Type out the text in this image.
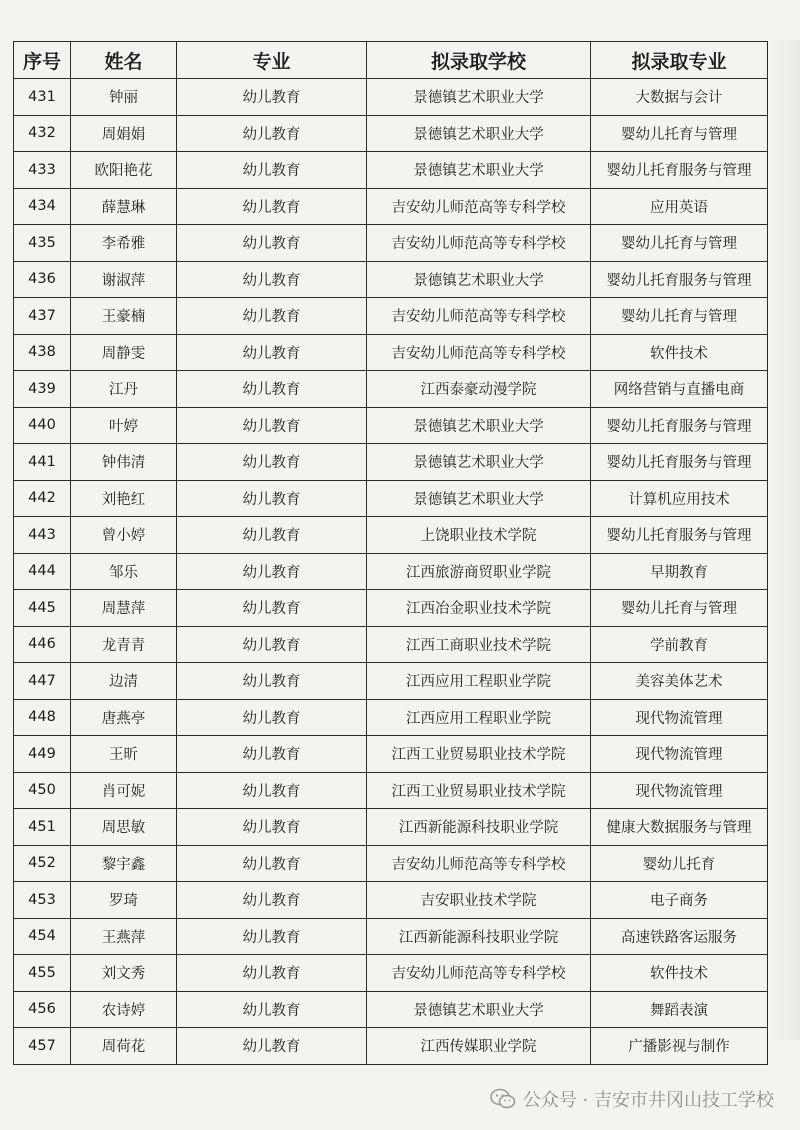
序号	姓名	专业	拟录取学校	拟录取专业
431	钟丽	幼儿教育	景德镇艺术职业大学	大数据与会计
432	周娟娟	幼儿教育	景德镇艺术职业大学	婴幼儿托育与管理
433	欧阳艳花	幼儿教育	景德镇艺术职业大学	婴幼儿托育服务与管理
434	薛慧琳	幼儿教育	吉安幼儿师范高等专科学校	应用英语
435	李希雅	幼儿教育	吉安幼儿师范高等专科学校	婴幼儿托育与管理
436	谢淑萍	幼儿教育	景德镇艺术职业大学	婴幼儿托育服务与管理
437	王豪楠	幼儿教育	吉安幼儿师范高等专科学校	婴幼儿托育与管理
438	周静雯	幼儿教育	吉安幼儿师范高等专科学校	软件技术
439	江丹	幼儿教育	江西泰豪动漫学院	网络营销与直播电商
440	叶婷	幼儿教育	景德镇艺术职业大学	婴幼儿托育服务与管理
441	钟伟清	幼儿教育	景德镇艺术职业大学	婴幼儿托育服务与管理
442	刘艳红	幼儿教育	景德镇艺术职业大学	计算机应用技术
443	曾小婷	幼儿教育	上饶职业技术学院	婴幼儿托育服务与管理
444	邹乐	幼儿教育	江西旅游商贸职业学院	早期教育
445	周慧萍	幼儿教育	江西冶金职业技术学院	婴幼儿托育与管理
446	龙青青	幼儿教育	江西工商职业技术学院	学前教育
447	边清	幼儿教育	江西应用工程职业学院	美容美体艺术
448	唐燕亭	幼儿教育	江西应用工程职业学院	现代物流管理
449	王昕	幼儿教育	江西工业贸易职业技术学院	现代物流管理
450	肖可妮	幼儿教育	江西工业贸易职业技术学院	现代物流管理
451	周思敏	幼儿教育	江西新能源科技职业学院	健康大数据服务与管理
452	黎宇鑫	幼儿教育	吉安幼儿师范高等专科学校	婴幼儿托育
453	罗琦	幼儿教育	吉安职业技术学院	电子商务
454	王燕萍	幼儿教育	江西新能源科技职业学院	高速铁路客运服务
455	刘文秀	幼儿教育	吉安幼儿师范高等专科学校	软件技术
456	农诗婷	幼儿教育	景德镇艺术职业大学	舞蹈表演
457	周荷花	幼儿教育	江西传媒职业学院	广播影视与制作
公众号 · 吉安市井冈山技工学校
